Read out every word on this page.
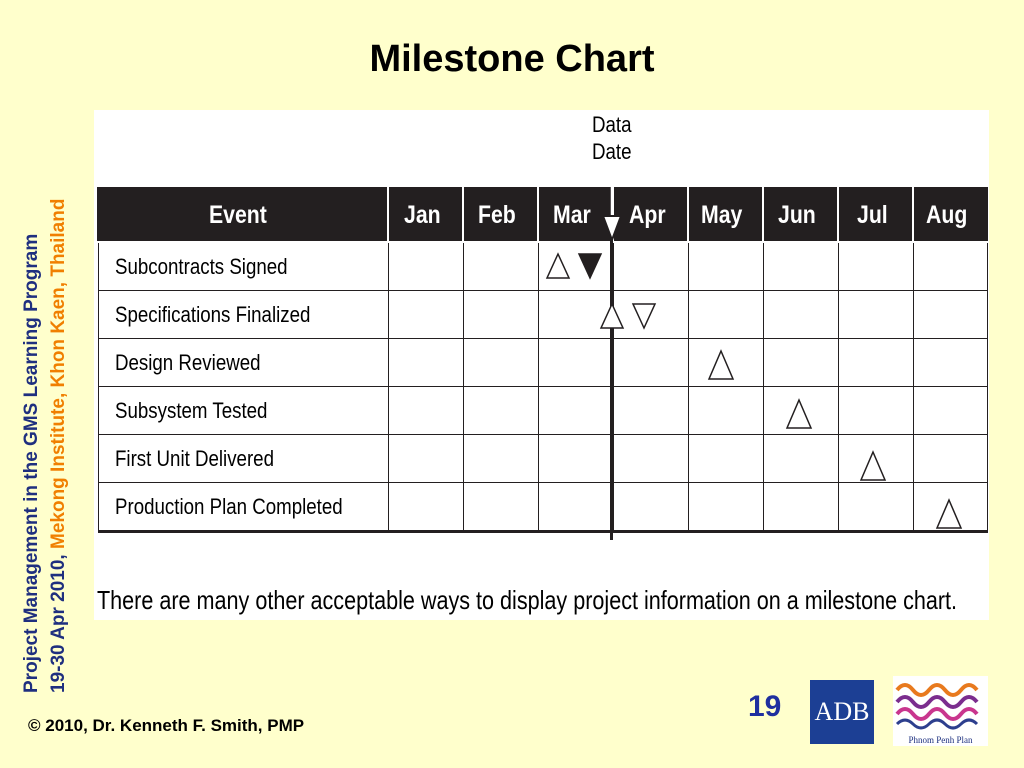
Milestone Chart
Project Management in the GMS Learning Program 19-30 Apr 2010, Mekong Institute, Khon Kaen, Thailand
Data
Date
Event	Jan	Feb	Mar	Apr	May	Jun	Jul	Aug
Subcontracts Signed								
Specifications Finalized								
Design Reviewed								
Subsystem Tested								
First Unit Delivered								
Production Plan Completed								
There are many other acceptable ways to display project information on a milestone chart.
© 2010, Dr. Kenneth F. Smith, PMP
19 ADB
Phnom Penh Plan
